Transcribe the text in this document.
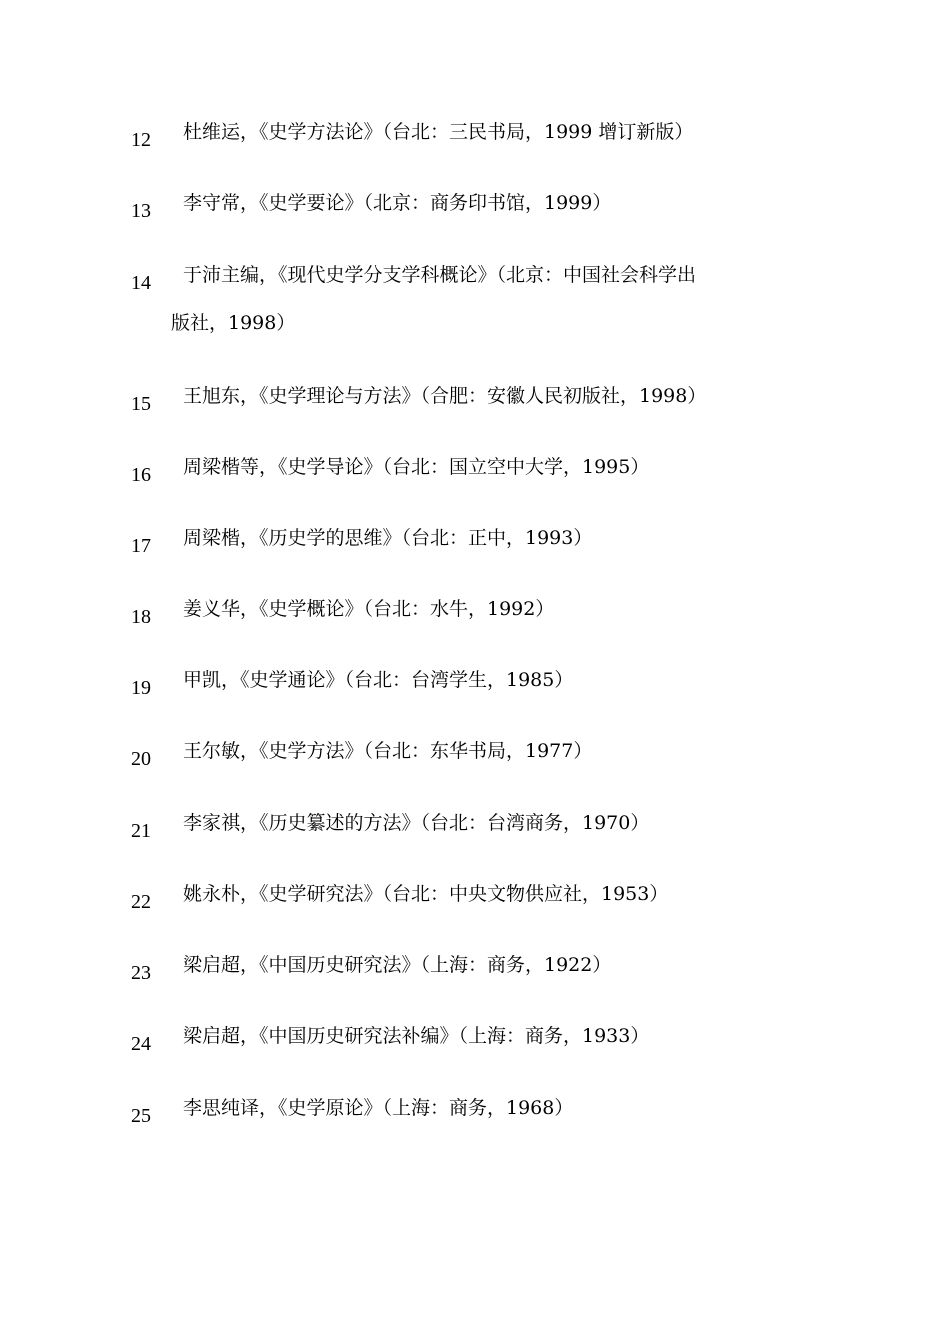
12 杜维运，《史学方法论》（台北：三民书局，1999 增订新版）
13 李守常，《史学要论》（北京：商务印书馆，1999）
14 于沛主编，《现代史学分支学科概论》（北京：中国社会科学出
版社，1998）
15 王旭东，《史学理论与方法》（合肥：安徽人民初版社，1998）
16 周梁楷等，《史学导论》（台北：国立空中大学，1995）
17 周梁楷，《历史学的思维》（台北：正中，1993）
18 姜义华，《史学概论》（台北：水牛，1992）
19 甲凯，《史学通论》（台北：台湾学生，1985）
20 王尔敏，《史学方法》（台北：东华书局，1977）
21 李家祺，《历史纂述的方法》（台北：台湾商务，1970）
22 姚永朴，《史学研究法》（台北：中央文物供应社，1953）
23 梁启超，《中国历史研究法》（上海：商务，1922）
24 梁启超，《中国历史研究法补编》（上海：商务，1933）
25 李思纯译，《史学原论》（上海：商务，1968）
